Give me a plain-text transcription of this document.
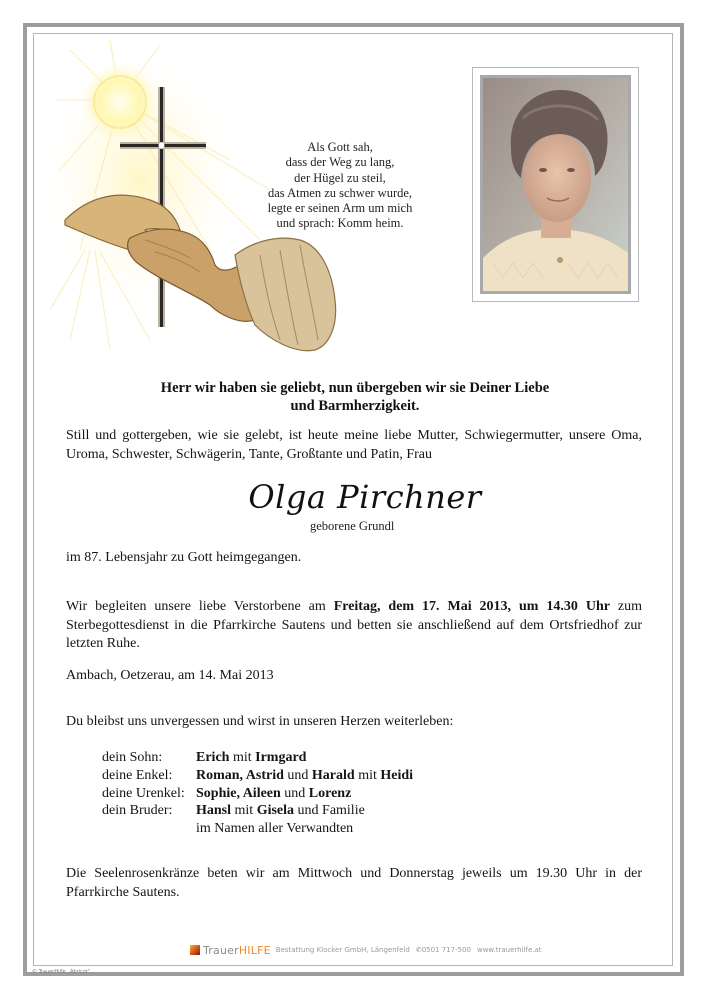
Als Gott sah,
dass der Weg zu lang,
der Hügel zu steil,
das Atmen zu schwer wurde,
legte er seinen Arm um mich
und sprach: Komm heim.
Herr wir haben sie geliebt, nun übergeben wir sie Deiner Liebe
und Barmherzigkeit.
Still und gottergeben, wie sie gelebt, ist heute meine liebe Mutter, Schwiegermutter, unsere Oma, Uroma, Schwester, Schwägerin, Tante, Großtante und Patin, Frau
Olga Pirchner
geborene Grundl
im 87. Lebensjahr zu Gott heimgegangen.
Wir begleiten unsere liebe Verstorbene am Freitag, dem 17. Mai 2013, um 14.30 Uhr zum Sterbegottesdienst in die Pfarrkirche Sautens und betten sie anschließend auf dem Ortsfriedhof zur letzten Ruhe.
Ambach, Oetzerau, am 14. Mai 2013
Du bleibst uns unvergessen und wirst in unseren Herzen weiterleben:
dein Sohn:	Erich mit Irmgard
deine Enkel:	Roman, Astrid und Harald mit Heidi
deine Urenkel: Sophie, Aileen und Lorenz
dein Bruder:	Hansl mit Gisela und Familie
im Namen aller Verwandten
Die Seelenrosenkränze beten wir am Mittwoch und Donnerstag jeweils um 19.30 Uhr in der Pfarrkirche Sautens.
Trauer HILFE Bestattung Klocker GmbH, Längenfeld ✆0501 717-500 www.trauerhilfe.at
© TrauerHilfe „Abricot“
